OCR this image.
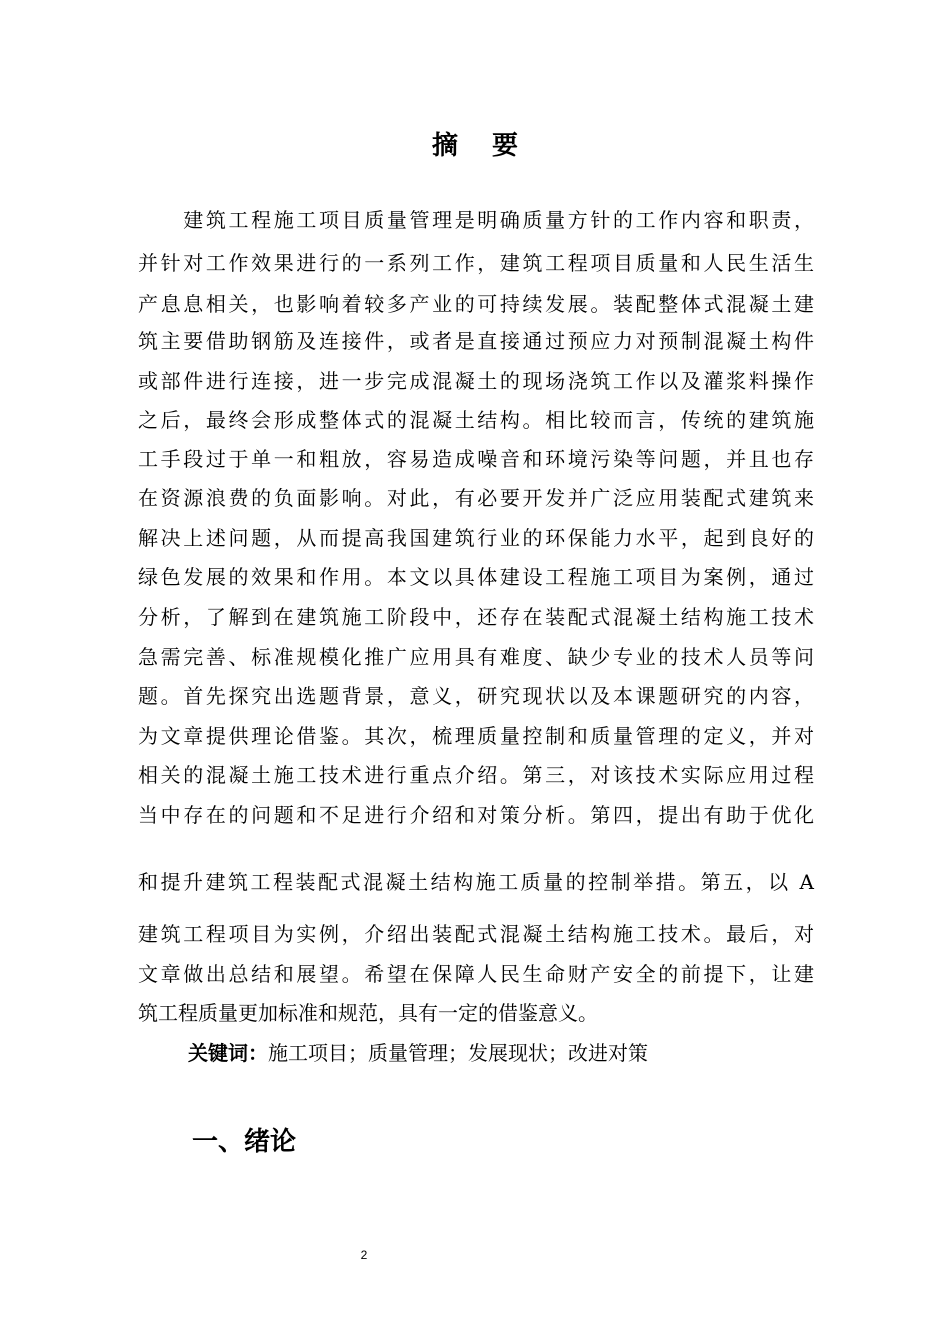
摘 要
　　建筑工程施工项目质量管理是明确质量方针的工作内容和职责，
并针对工作效果进行的一系列工作，建筑工程项目质量和人民生活生
产息息相关，也影响着较多产业的可持续发展。装配整体式混凝土建
筑主要借助钢筋及连接件，或者是直接通过预应力对预制混凝土构件
或部件进行连接，进一步完成混凝土的现场浇筑工作以及灌浆料操作
之后，最终会形成整体式的混凝土结构。相比较而言，传统的建筑施
工手段过于单一和粗放，容易造成噪音和环境污染等问题，并且也存
在资源浪费的负面影响。对此，有必要开发并广泛应用装配式建筑来
解决上述问题，从而提高我国建筑行业的环保能力水平，起到良好的
绿色发展的效果和作用。本文以具体建设工程施工项目为案例，通过
分析，了解到在建筑施工阶段中，还存在装配式混凝土结构施工技术
急需完善、标准规模化推广应用具有难度、缺少专业的技术人员等问
题。首先探究出选题背景，意义，研究现状以及本课题研究的内容，
为文章提供理论借鉴。其次，梳理质量控制和质量管理的定义，并对
相关的混凝土施工技术进行重点介绍。第三，对该技术实际应用过程
当中存在的问题和不足进行介绍和对策分析。第四，提出有助于优化
和提升建筑工程装配式混凝土结构施工质量的控制举措。第五，以 A
建筑工程项目为实例，介绍出装配式混凝土结构施工技术。最后，对
文章做出总结和展望。希望在保障人民生命财产安全的前提下，让建
筑工程质量更加标准和规范，具有一定的借鉴意义。
关键词：施工项目；质量管理；发展现状；改进对策
一、绪论
2
